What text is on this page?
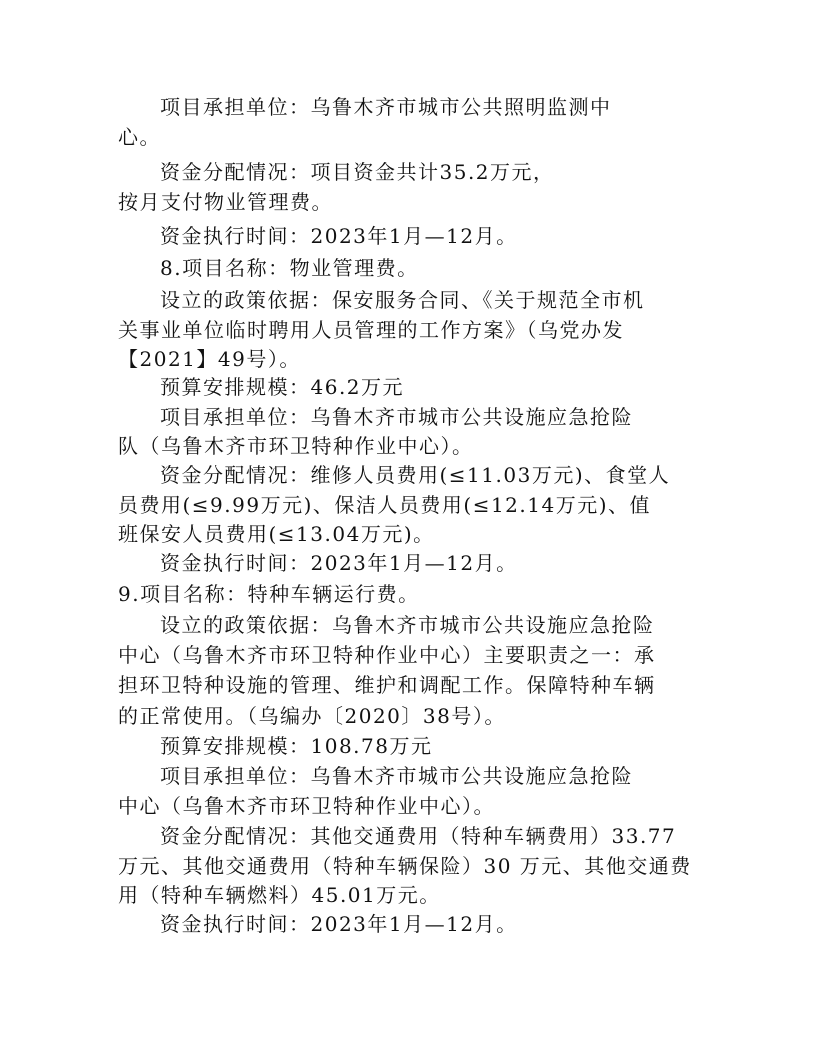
项目承担单位：乌鲁木齐市城市公共照明监测中
心。
资金分配情况：项目资金共计35.2万元，
按月支付物业管理费。
资金执行时间：2023年1月—12月。
8.项目名称：物业管理费。
设立的政策依据：保安服务合同、《关于规范全市机
关事业单位临时聘用人员管理的工作方案》（乌党办发
【2021】49号）。
预算安排规模：46.2万元
项目承担单位：乌鲁木齐市城市公共设施应急抢险
队（乌鲁木齐市环卫特种作业中心）。
资金分配情况：维修人员费用(≤11.03万元)、食堂人
员费用(≤9.99万元)、保洁人员费用(≤12.14万元)、值
班保安人员费用(≤13.04万元)。
资金执行时间：2023年1月—12月。
9.项目名称：特种车辆运行费。
设立的政策依据：乌鲁木齐市城市公共设施应急抢险
中心（乌鲁木齐市环卫特种作业中心）主要职责之一：承
担环卫特种设施的管理、维护和调配工作。保障特种车辆
的正常使用。（乌编办〔2020〕38号）。
预算安排规模：108.78万元
项目承担单位：乌鲁木齐市城市公共设施应急抢险
中心（乌鲁木齐市环卫特种作业中心）。
资金分配情况：其他交通费用（特种车辆费用）33.77
万元、其他交通费用（特种车辆保险）30 万元、其他交通费
用（特种车辆燃料）45.01万元。
资金执行时间：2023年1月—12月。
